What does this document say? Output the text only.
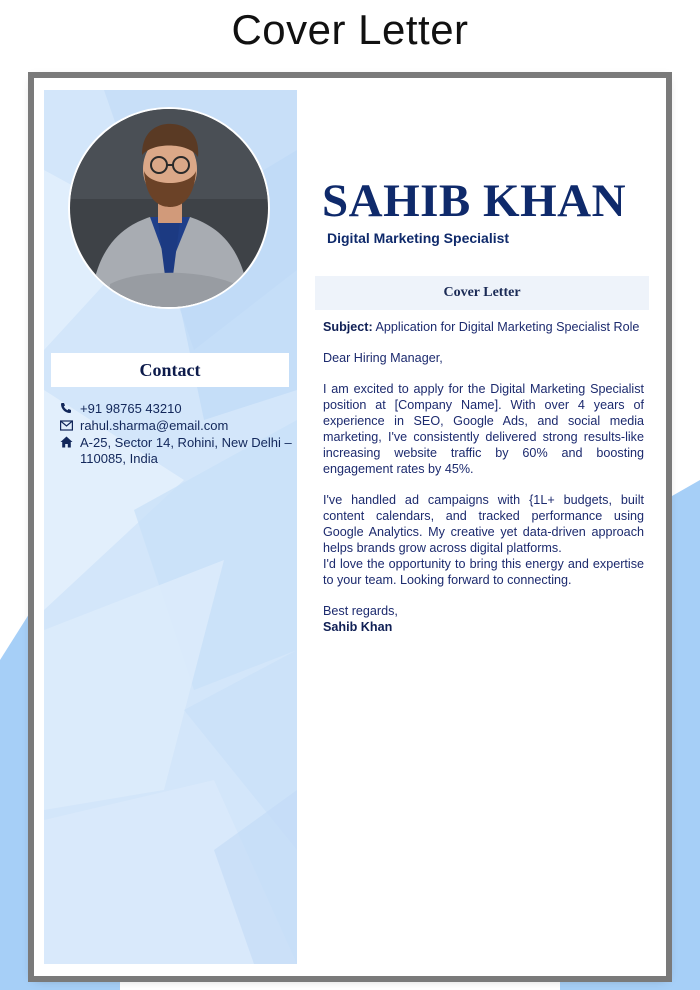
Cover Letter
Contact
+91 98765 43210
rahul.sharma@email.com
A-25, Sector 14, Rohini, New Delhi – 110085, India
SAHIB KHAN
Digital Marketing Specialist
Cover Letter

Subject: Application for Digital Marketing Specialist Role

Dear Hiring Manager,

I am excited to apply for the Digital Marketing Specialist position at [Company Name]. With over 4 years of experience in SEO, Google Ads, and social media marketing, I've consistently delivered strong results-like increasing website traffic by 60% and boosting engagement rates by 45%.

I've handled ad campaigns with {1L+ budgets, built content calendars, and tracked performance using Google Analytics. My creative yet data-driven approach helps brands grow across digital platforms.

I'd love the opportunity to bring this energy and expertise to your team. Looking forward to connecting.

Best regards,

Sahib Khan
